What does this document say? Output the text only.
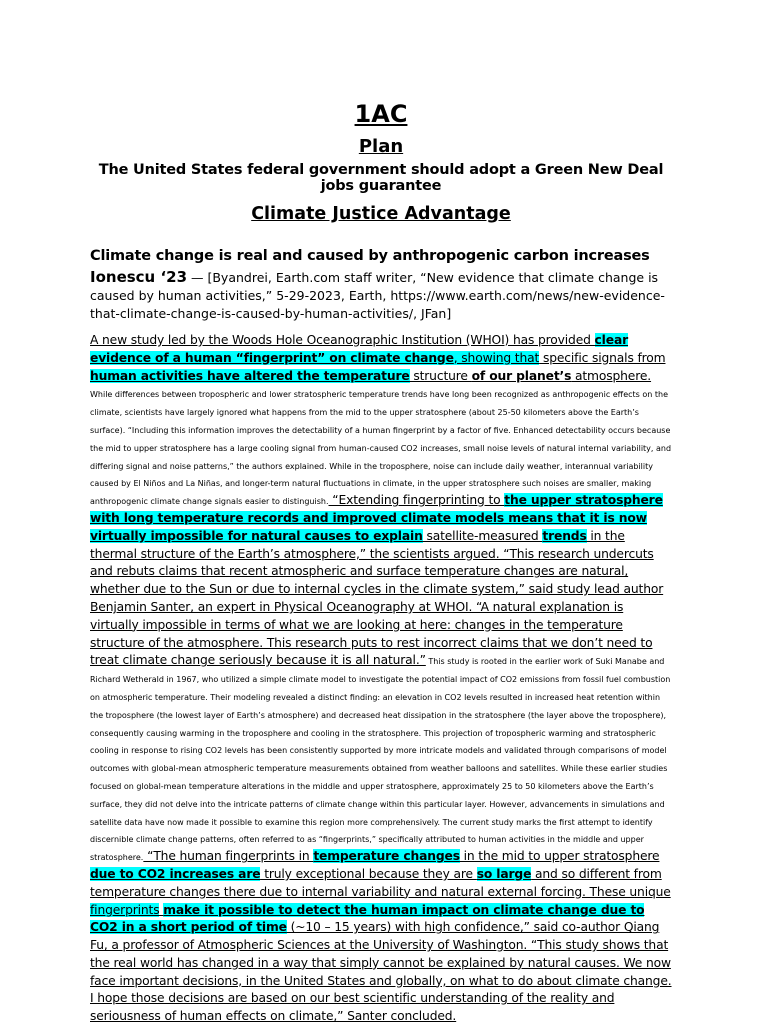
1AC
Plan
The United States federal government should adopt a Green New Deal jobs guarantee
Climate Justice Advantage
Climate change is real and caused by anthropogenic carbon increases
Ionescu ‘23 — [Byandrei, Earth.com staff writer, “New evidence that climate change is caused by human activities,” 5-29-2023, Earth, https://www.earth.com/news/new-evidence-that-climate-change-is-caused-by-human-activities/, JFan]
A new study led by the Woods Hole Oceanographic Institution (WHOI) has provided clear evidence of a human “fingerprint” on climate change, showing that specific signals from human activities have altered the temperature structure of our planet’s atmosphere. While differences between tropospheric and lower stratospheric temperature trends have long been recognized as anthropogenic effects on the climate, scientists have largely ignored what happens from the mid to the upper stratosphere (about 25-50 kilometers above the Earth’s surface). “Including this information improves the detectability of a human fingerprint by a factor of five. Enhanced detectability occurs because the mid to upper stratosphere has a large cooling signal from human-caused CO2 increases, small noise levels of natural internal variability, and differing signal and noise patterns,” the authors explained. While in the troposphere, noise can include daily weather, interannual variability caused by El Niños and La Niñas, and longer-term natural fluctuations in climate, in the upper stratosphere such noises are smaller, making anthropogenic climate change signals easier to distinguish. “Extending fingerprinting to the upper stratosphere with long temperature records and improved climate models means that it is now virtually impossible for natural causes to explain satellite-measured trends in the thermal structure of the Earth’s atmosphere,” the scientists argued. “This research undercuts and rebuts claims that recent atmospheric and surface temperature changes are natural, whether due to the Sun or due to internal cycles in the climate system,” said study lead author Benjamin Santer, an expert in Physical Oceanography at WHOI. “A natural explanation is virtually impossible in terms of what we are looking at here: changes in the temperature structure of the atmosphere. This research puts to rest incorrect claims that we don’t need to treat climate change seriously because it is all natural.” This study is rooted in the earlier work of Suki Manabe and Richard Wetherald in 1967, who utilized a simple climate model to investigate the potential impact of CO2 emissions from fossil fuel combustion on atmospheric temperature. Their modeling revealed a distinct finding: an elevation in CO2 levels resulted in increased heat retention within the troposphere (the lowest layer of Earth’s atmosphere) and decreased heat dissipation in the stratosphere (the layer above the troposphere), consequently causing warming in the troposphere and cooling in the stratosphere. This projection of tropospheric warming and stratospheric cooling in response to rising CO2 levels has been consistently supported by more intricate models and validated through comparisons of model outcomes with global-mean atmospheric temperature measurements obtained from weather balloons and satellites. While these earlier studies focused on global-mean temperature alterations in the middle and upper stratosphere, approximately 25 to 50 kilometers above the Earth’s surface, they did not delve into the intricate patterns of climate change within this particular layer. However, advancements in simulations and satellite data have now made it possible to examine this region more comprehensively. The current study marks the first attempt to identify discernible climate change patterns, often referred to as “fingerprints,” specifically attributed to human activities in the middle and upper stratosphere. “The human fingerprints in temperature changes in the mid to upper stratosphere due to CO2 increases are truly exceptional because they are so large and so different from temperature changes there due to internal variability and natural external forcing. These unique fingerprints make it possible to detect the human impact on climate change due to CO2 in a short period of time (~10 – 15 years) with high confidence,” said co-author Qiang Fu, a professor of Atmospheric Sciences at the University of Washington. “This study shows that the real world has changed in a way that simply cannot be explained by natural causes. We now face important decisions, in the United States and globally, on what to do about climate change. I hope those decisions are based on our best scientific understanding of the reality and seriousness of human effects on climate,” Santer concluded.
